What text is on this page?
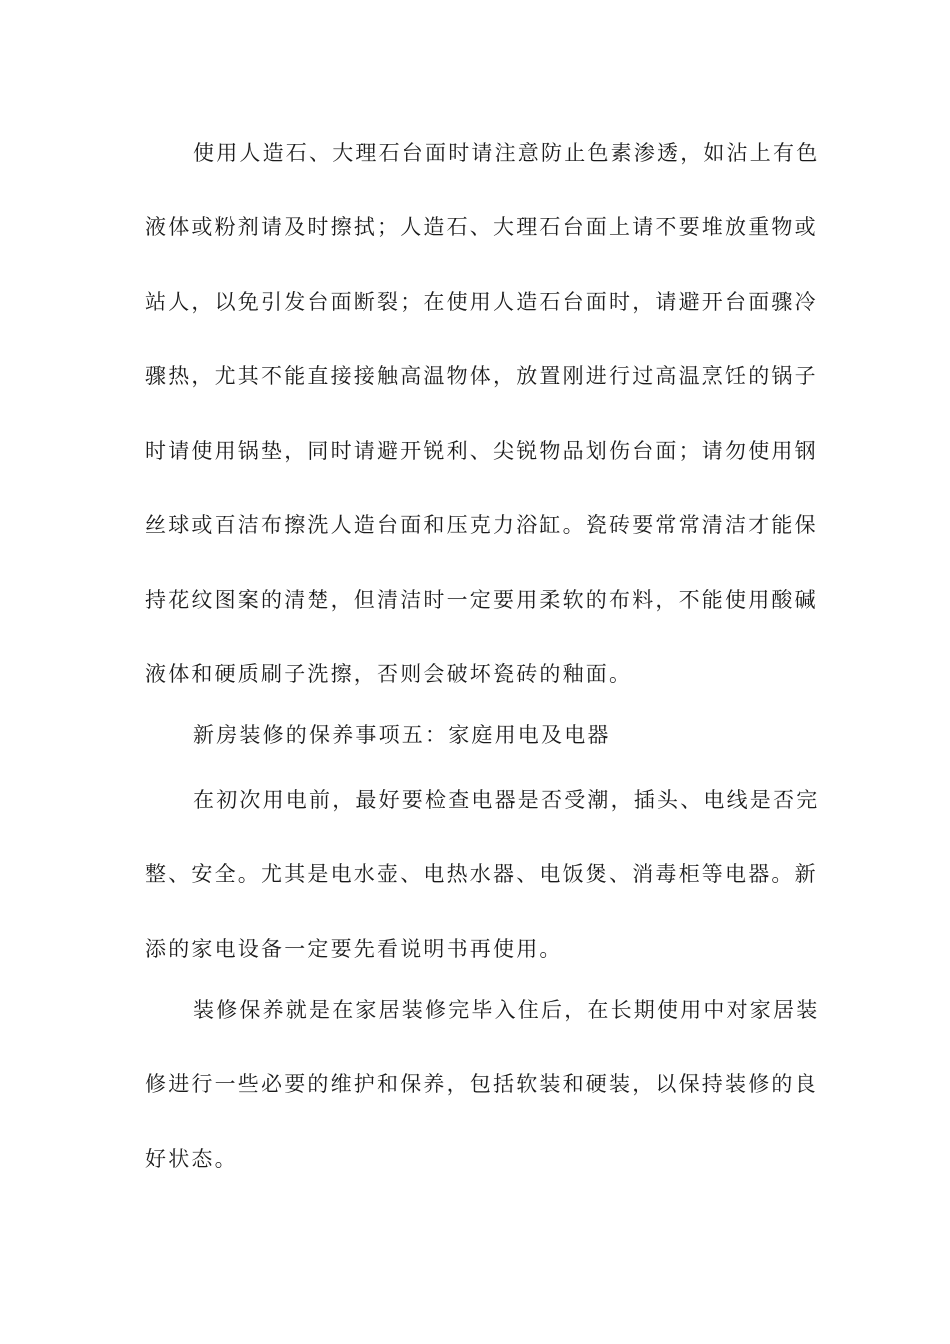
使用人造石、大理石台面时请注意防止色素渗透，如沾上有色
液体或粉剂请及时擦拭；人造石、大理石台面上请不要堆放重物或
站人，以免引发台面断裂；在使用人造石台面时，请避开台面骤冷
骤热，尤其不能直接接触高温物体，放置刚进行过高温烹饪的锅子
时请使用锅垫，同时请避开锐利、尖锐物品划伤台面；请勿使用钢
丝球或百洁布擦洗人造台面和压克力浴缸。瓷砖要常常清洁才能保
持花纹图案的清楚，但清洁时一定要用柔软的布料，不能使用酸碱
液体和硬质刷子洗擦，否则会破坏瓷砖的釉面。
新房装修的保养事项五：家庭用电及电器
在初次用电前，最好要检查电器是否受潮，插头、电线是否完
整、安全。尤其是电水壶、电热水器、电饭煲、消毒柜等电器。新
添的家电设备一定要先看说明书再使用。
装修保养就是在家居装修完毕入住后，在长期使用中对家居装
修进行一些必要的维护和保养，包括软装和硬装，以保持装修的良
好状态。
